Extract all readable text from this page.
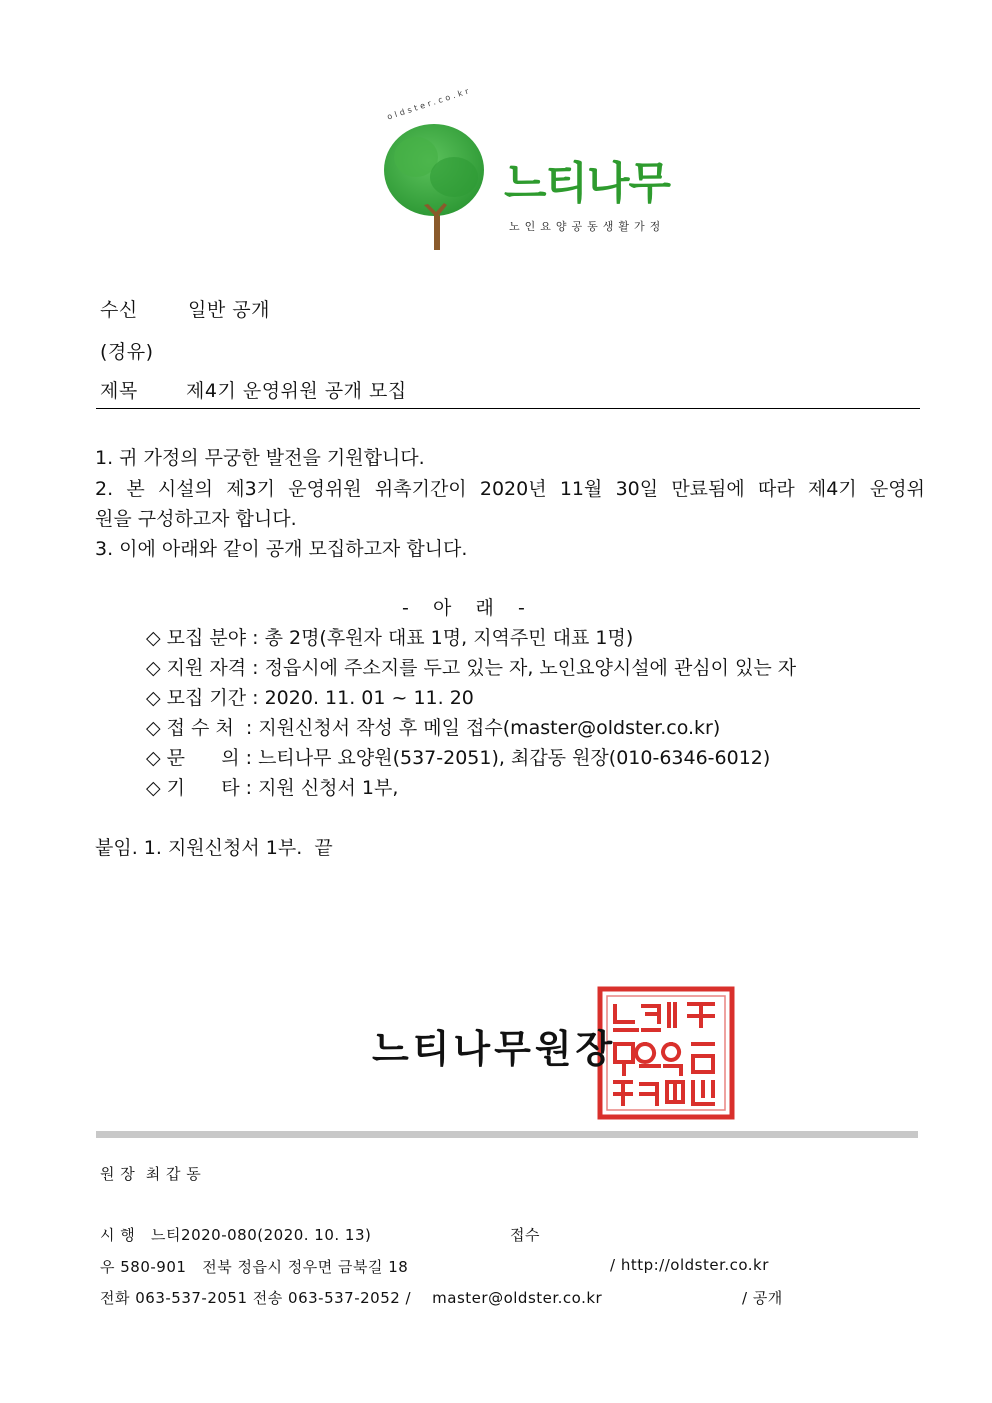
oldster.co.kr
느티나무
노인요양공동생활가정
수신	일반 공개
(경유)
제목	제4기 운영위원 공개 모집
1. 귀 가정의 무궁한 발전을 기원합니다.
2. 본 시설의 제3기 운영위원 위촉기간이 2020년 11월 30일 만료됨에 따라 제4기 운영위
원을 구성하고자 합니다.
3. 이에 아래와 같이 공개 모집하고자 합니다.
-    아    래    -
◇ 모집 분야 : 총 2명(후원자 대표 1명, 지역주민 대표 1명)
◇ 지원 자격 : 정읍시에 주소지를 두고 있는 자, 노인요양시설에 관심이 있는 자
◇ 모집 기간 : 2020. 11. 01 ~ 11. 20
◇ 접 수 처  : 지원신청서 작성 후 메일 접수(master@oldster.co.kr)
◇ 문      의 : 느티나무 요양원(537-2051), 최갑동 원장(010-6346-6012)
◇ 기      타 : 지원 신청서 1부,
붙임. 1. 지원신청서 1부.  끝
느티나무원장
원 장  최 갑 동
시 행   느티2020-080(2020. 10. 13)	접수
우 580-901   전북 정읍시 정우면 금북길 18	/ http://oldster.co.kr
전화 063-537-2051 전송 063-537-2052 /    master@oldster.co.kr	/ 공개
